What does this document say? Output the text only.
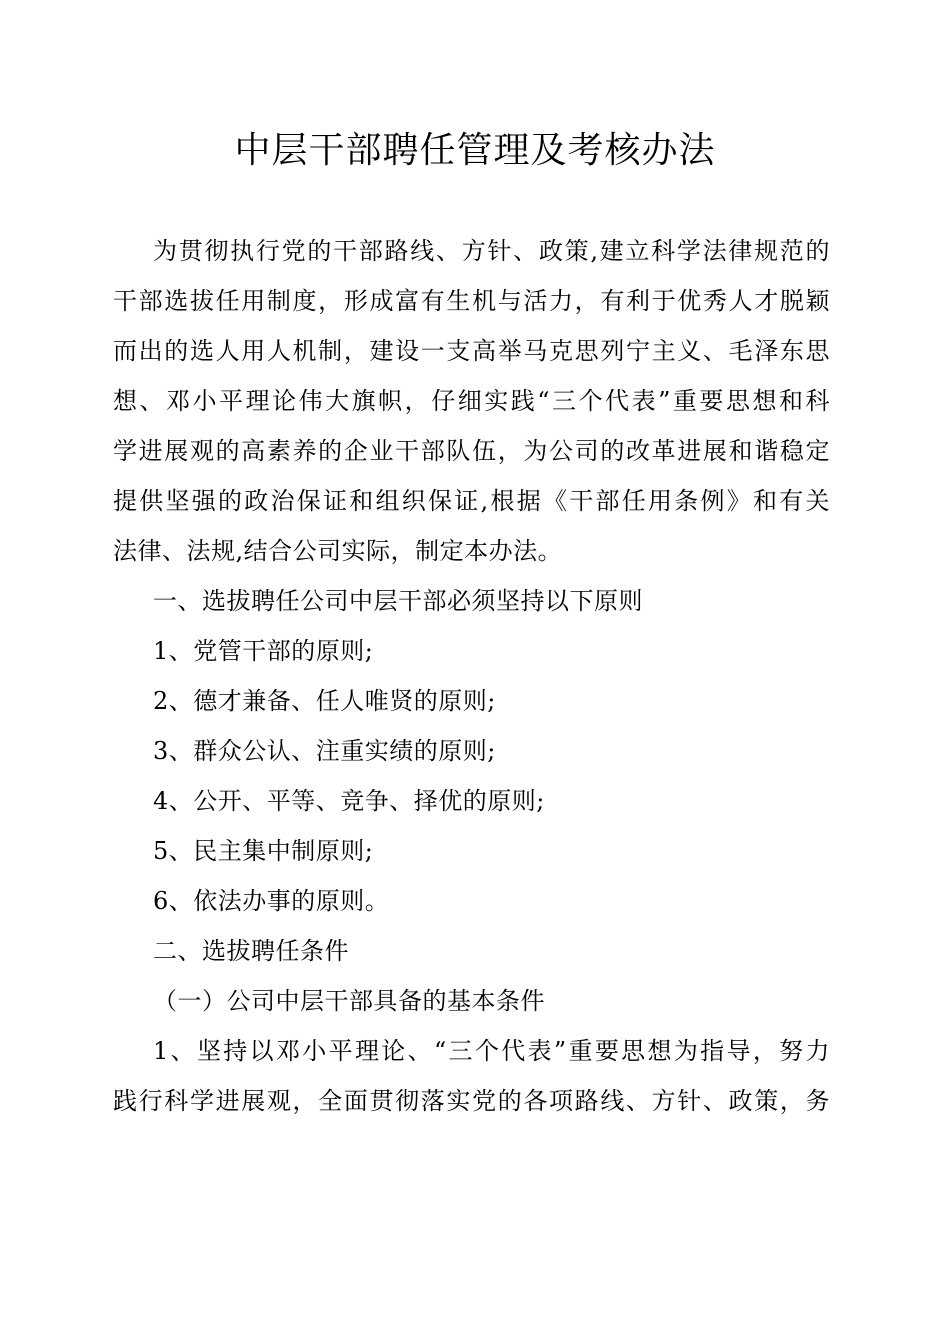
中层干部聘任管理及考核办法
为贯彻执行党的干部路线、方针、政策,建立科学法律规范的
干部选拔任用制度，形成富有生机与活力，有利于优秀人才脱颖
而出的选人用人机制，建设一支高举马克思列宁主义、毛泽东思
想、邓小平理论伟大旗帜，仔细实践“三个代表”重要思想和科
学进展观的高素养的企业干部队伍，为公司的改革进展和谐稳定
提供坚强的政治保证和组织保证,根据《干部任用条例》和有关
法律、法规,结合公司实际，制定本办法。
一、选拔聘任公司中层干部必须坚持以下原则
1、党管干部的原则;
2、德才兼备、任人唯贤的原则;
3、群众公认、注重实绩的原则;
4、公开、平等、竞争、择优的原则;
5、民主集中制原则;
6、依法办事的原则。
二、选拔聘任条件
（一）公司中层干部具备的基本条件
1、坚持以邓小平理论、“三个代表”重要思想为指导，努力
践行科学进展观，全面贯彻落实党的各项路线、方针、政策，务
